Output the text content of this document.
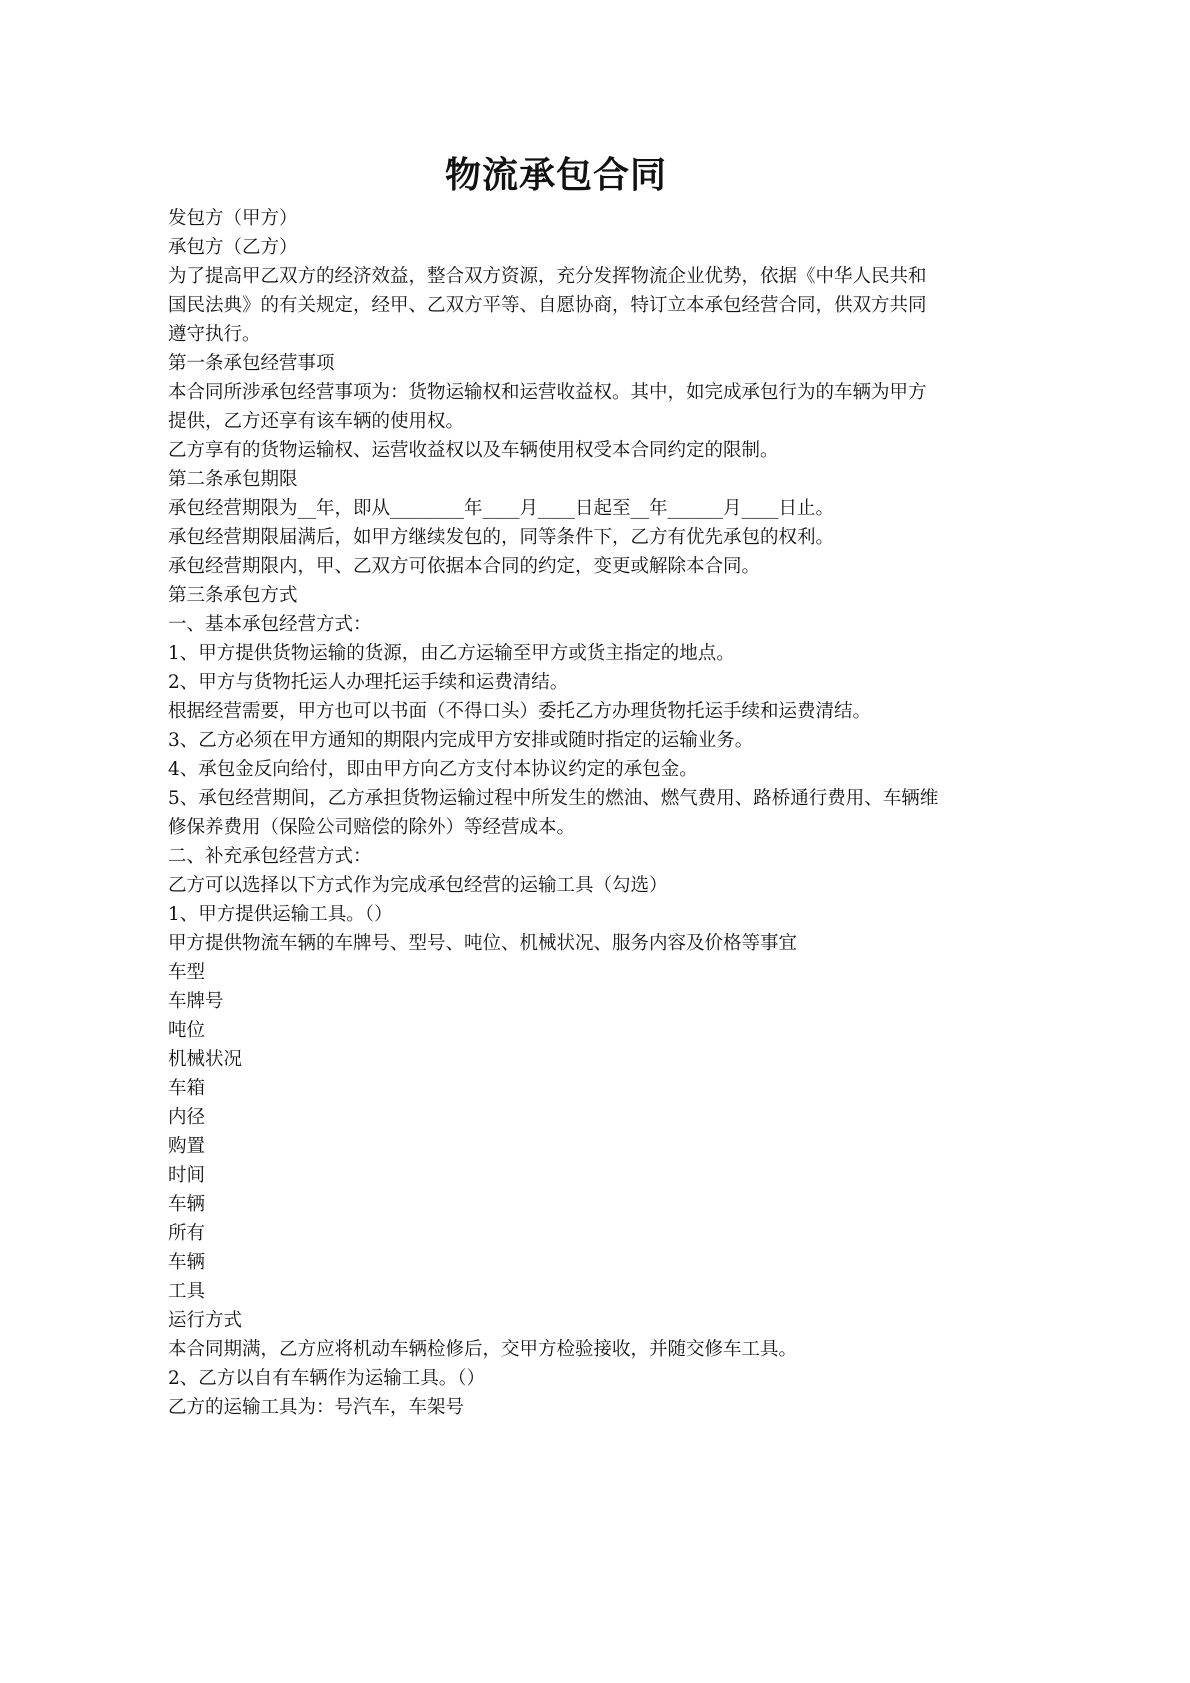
物流承包合同

发包方（甲方）

承包方（乙方）

为了提高甲乙双方的经济效益，整合双方资源，充分发挥物流企业优势，依据《中华人民共和国民法典》的有关规定，经甲、乙双方平等、自愿协商，特订立本承包经营合同，供双方共同遵守执行。

第一条承包经营事项

本合同所涉承包经营事项为：货物运输权和运营收益权。其中，如完成承包行为的车辆为甲方提供，乙方还享有该车辆的使用权。

乙方享有的货物运输权、运营收益权以及车辆使用权受本合同约定的限制。

第二条承包期限

承包经营期限为__年，即从________年____月____日起至__年______月____日止。

承包经营期限届满后，如甲方继续发包的，同等条件下，乙方有优先承包的权利。

承包经营期限内，甲、乙双方可依据本合同的约定，变更或解除本合同。

第三条承包方式

一、基本承包经营方式：

1、甲方提供货物运输的货源，由乙方运输至甲方或货主指定的地点。

2、甲方与货物托运人办理托运手续和运费清结。

根据经营需要，甲方也可以书面（不得口头）委托乙方办理货物托运手续和运费清结。

3、乙方必须在甲方通知的期限内完成甲方安排或随时指定的运输业务。

4、承包金反向给付，即由甲方向乙方支付本协议约定的承包金。

5、承包经营期间，乙方承担货物运输过程中所发生的燃油、燃气费用、路桥通行费用、车辆维修保养费用（保险公司赔偿的除外）等经营成本。

二、补充承包经营方式：

乙方可以选择以下方式作为完成承包经营的运输工具（勾选）

1、甲方提供运输工具。（）

甲方提供物流车辆的车牌号、型号、吨位、机械状况、服务内容及价格等事宜

车型

车牌号

吨位

机械状况

车箱

内径

购置

时间

车辆

所有

车辆

工具

运行方式

本合同期满，乙方应将机动车辆检修后，交甲方检验接收，并随交修车工具。

2、乙方以自有车辆作为运输工具。（）

乙方的运输工具为：号汽车，车架号
